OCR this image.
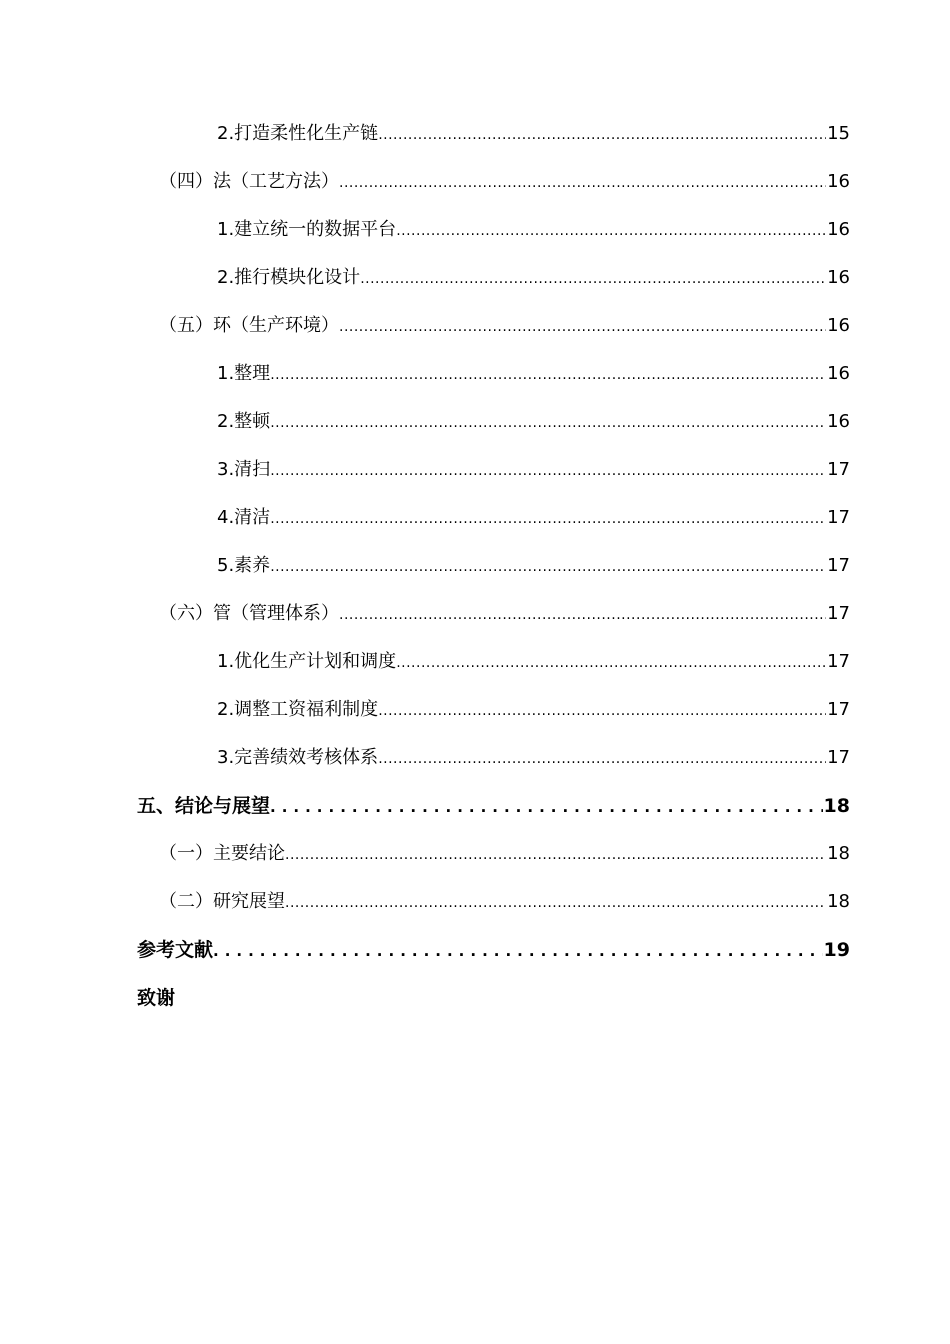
2.打造柔性化生产链 .....	15
（四）法（工艺方法） .....	16
1.建立统一的数据平台 .....	16
2.推行模块化设计 .....	16
（五）环（生产环境） .....	16
1.整理 .....	16
2.整顿 .....	16
3.清扫 .....	17
4.清洁 .....	17
5.素养 .....	17
（六）管（管理体系） .....	17
1.优化生产计划和调度 .....	17
2.调整工资福利制度 .....	17
3.完善绩效考核体系 .....	17
五、结论与展望 .....	18
（一）主要结论 .....	18
（二）研究展望 .....	18
参考文献 .....	19
致谢
